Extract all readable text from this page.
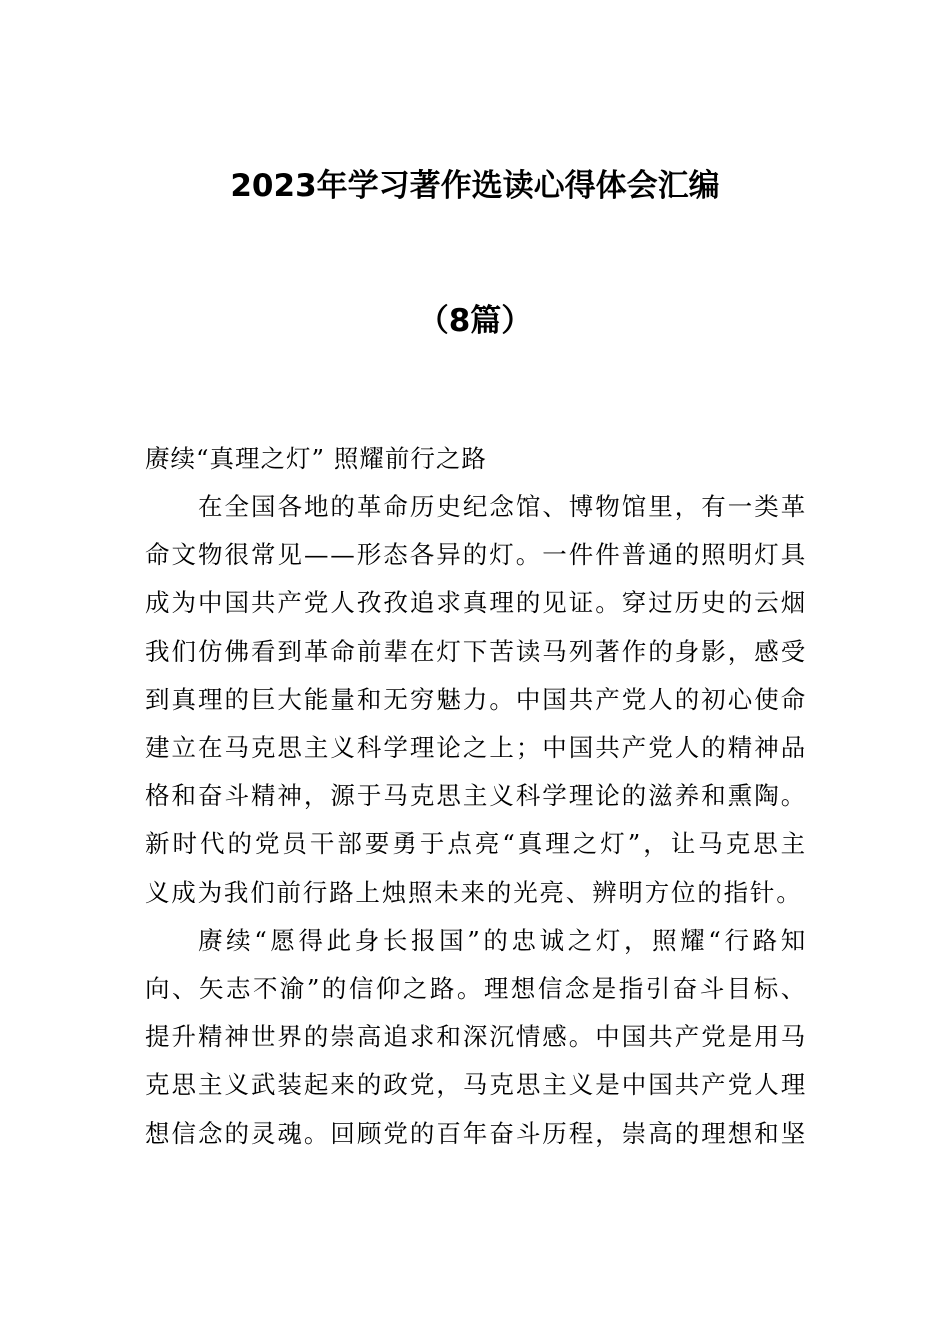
2023年学习著作选读心得体会汇编
（8篇）
赓续“真理之灯” 照耀前行之路
在全国各地的革命历史纪念馆、博物馆里，有一类革
命文物很常见——形态各异的灯。一件件普通的照明灯具
成为中国共产党人孜孜追求真理的见证。穿过历史的云烟
我们仿佛看到革命前辈在灯下苦读马列著作的身影，感受
到真理的巨大能量和无穷魅力。中国共产党人的初心使命
建立在马克思主义科学理论之上；中国共产党人的精神品
格和奋斗精神，源于马克思主义科学理论的滋养和熏陶。
新时代的党员干部要勇于点亮“真理之灯”，让马克思主
义成为我们前行路上烛照未来的光亮、辨明方位的指针。
赓续“愿得此身长报国”的忠诚之灯，照耀“行路知
向、矢志不渝”的信仰之路。理想信念是指引奋斗目标、
提升精神世界的崇高追求和深沉情感。中国共产党是用马
克思主义武装起来的政党，马克思主义是中国共产党人理
想信念的灵魂。回顾党的百年奋斗历程，崇高的理想和坚
